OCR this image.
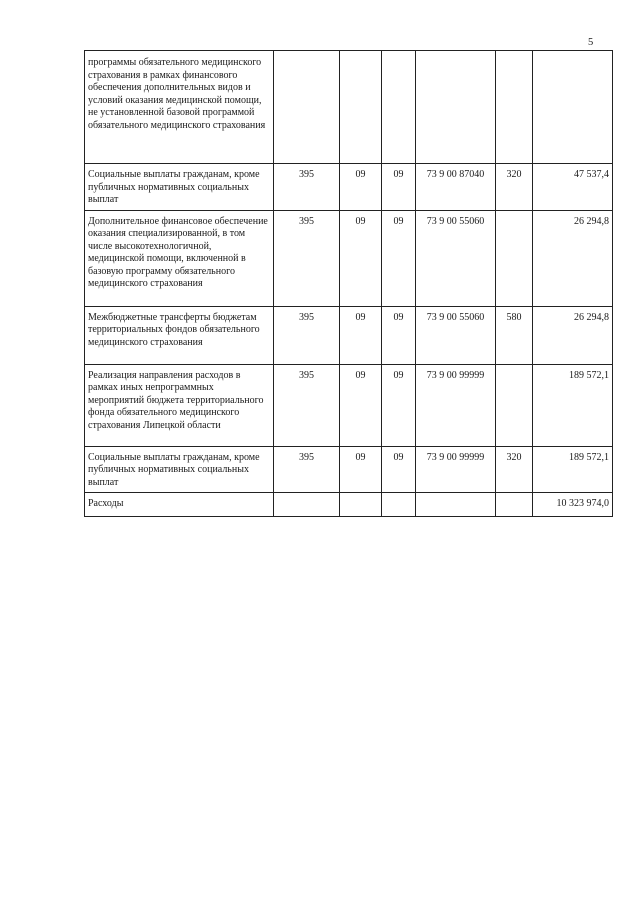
5
программы обязательного медицинского страхования в рамках финансового обеспечения дополнительных видов и условий оказания медицинской помощи, не установленной базовой программой обязательного медицинского страхования						
Социальные выплаты гражданам, кроме публичных нормативных социальных выплат	395	09	09	73 9 00 87040	320	47 537,4
Дополнительное финансовое обеспечение оказания специализированной, в том числе высокотехнологичной, медицинской помощи, включенной в базовую программу обязательного медицинского страхования	395	09	09	73 9 00 55060		26 294,8
Межбюджетные трансферты бюджетам территориальных фондов обязательного медицинского страхования	395	09	09	73 9 00 55060	580	26 294,8
Реализация направления расходов в рамках иных непрограммных мероприятий бюджета территориального фонда обязательного медицинского страхования Липецкой области	395	09	09	73 9 00 99999		189 572,1
Социальные выплаты гражданам, кроме публичных нормативных социальных выплат	395	09	09	73 9 00 99999	320	189 572,1
Расходы						10 323 974,0
